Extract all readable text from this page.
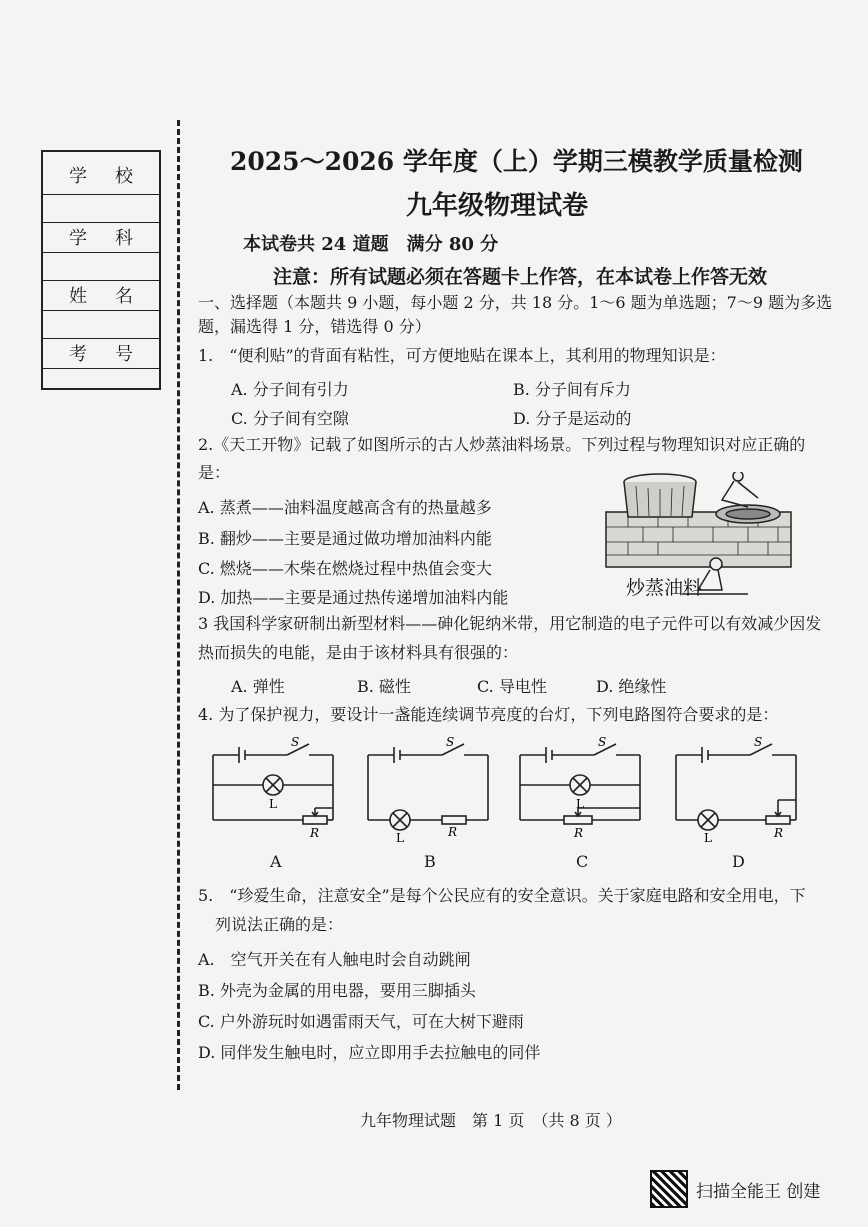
学 校
学 科
姓 名
考 号
2025～2026 学年度（上）学期三模教学质量检测
九年级物理试卷
本试卷共 24 道题　满分 80 分
注意：所有试题必须在答题卡上作答，在本试卷上作答无效
一、选择题（本题共 9 小题，每小题 2 分，共 18 分。1～6 题为单选题；7～9 题为多选
题，漏选得 1 分，错选得 0 分）
1.　“便利贴”的背面有粘性，可方便地贴在课本上，其利用的物理知识是：
A. 分子间有引力	B. 分子间有斥力
C. 分子间有空隙	D. 分子是运动的
2.《天工开物》记载了如图所示的古人炒蒸油料场景。下列过程与物理知识对应正确的
是：
A. 蒸煮——油料温度越高含有的热量越多
B. 翻炒——主要是通过做功增加油料内能
C. 燃烧——木柴在燃烧过程中热值会变大
D. 加热——主要是通过热传递增加油料内能	炒蒸油料
3 我国科学家研制出新型材料——砷化铌纳米带，用它制造的电子元件可以有效减少因发
热而损失的电能，是由于该材料具有很强的：
A. 弹性	B. 磁性	C. 导电性	D. 绝缘性
4. 为了保护视力，要设计一盏能连续调节亮度的台灯，下列电路图符合要求的是：
S
L
R
A
S
L	R
B
S
L
R
C
S
L	R
D
5.　“珍爱生命，注意安全”是每个公民应有的安全意识。关于家庭电路和安全用电，下
列说法正确的是：
A.　空气开关在有人触电时会自动跳闸
B. 外壳为金属的用电器，要用三脚插头
C. 户外游玩时如遇雷雨天气，可在大树下避雨
D. 同伴发生触电时，应立即用手去拉触电的同伴
九年物理试题　第 1 页　（共 8 页 ）
扫描全能王 创建
